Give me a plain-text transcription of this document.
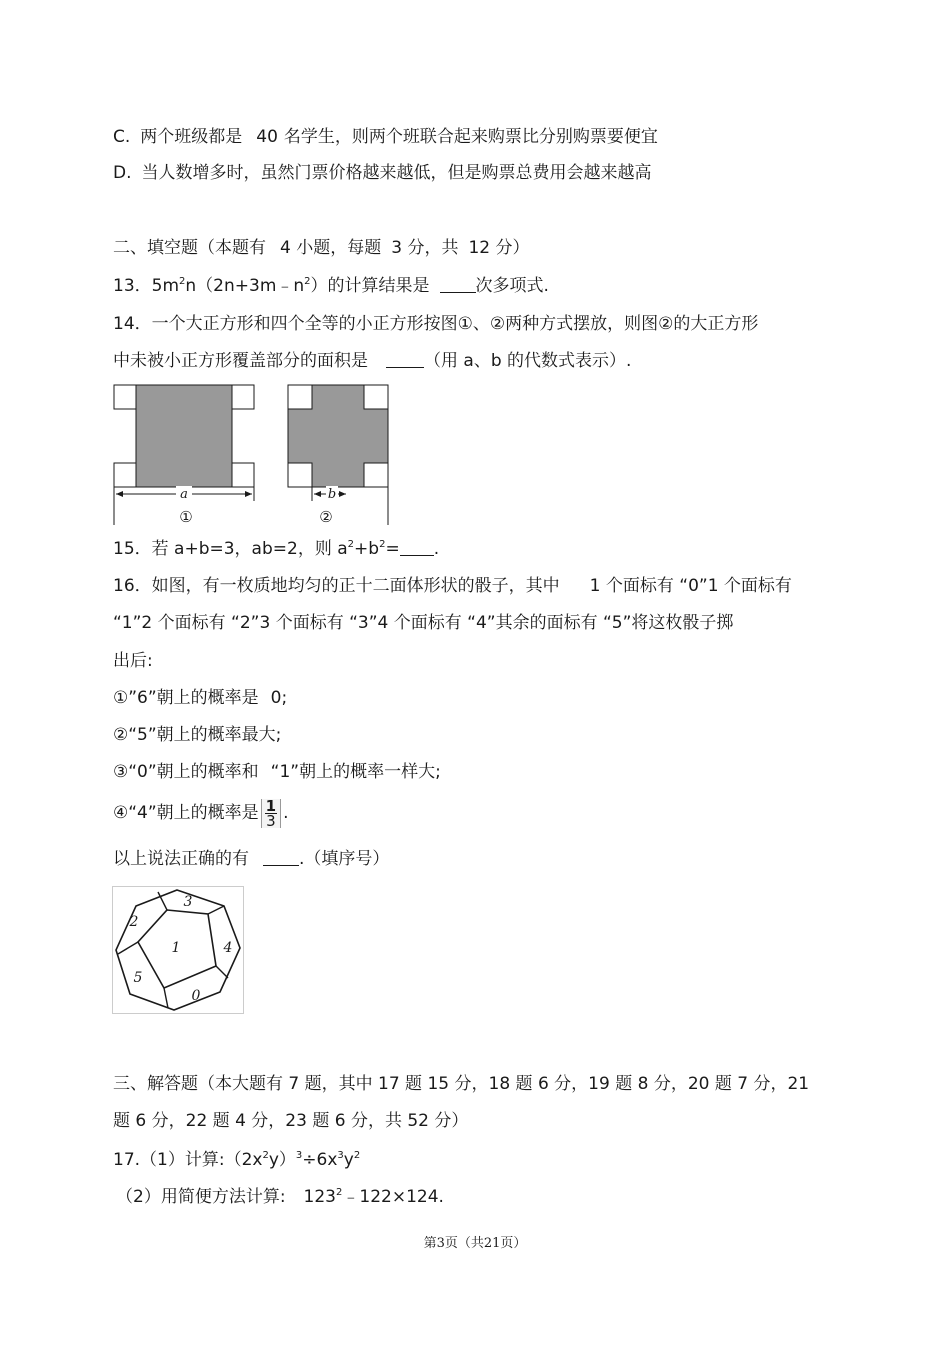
C. 两个班级都是 40 名学生，则两个班联合起来购票比分别购票要便宜
D. 当人数增多时，虽然门票价格越来越低，但是购票总费用会越来越高
二、填空题（本题有 4 小题，每题 3 分，共 12 分）
13．$5m^2n(2n+3m﹣n^2)$的计算结果是	次多项式.
14．一个大正方形和四个全等的小正方形按图①、②两种方式摆放，则图②的大正方形
中未被小正方形覆盖部分的面积是	（用 a、b 的代数式表示）.
a
①
b
②
15．若 a+b=3，ab=2，则 $a^2+b^2=$ .
16．如图，有一枚质地均匀的正十二面体形状的骰子，其中 1 个面标有 “0”1 个面标有
“1”2 个面标有 “2”3 个面标有 “3”4 个面标有 “4”其余的面标有 “5”将这枚骰子掷
出后:
①”6”朝上的概率是 0;
②“5”朝上的概率最大;
③“0”朝上的概率和 “1”朝上的概率一样大;
④“4”朝上的概率是 $\frac{1}{3}$ .
以上说法正确的有	.（填序号）
1
2
3
4
5
0
三、解答题（本大题有 7 题，其中 17 题 15 分，18 题 6 分，19 题 8 分，20 题 7 分，21
题 6 分，22 题 4 分，23 题 6 分，共 52 分）
17.（1）计算$:(2x^2y)^3\div 6x^3y^2$
（2）用简便方法计算: $123^2﹣122\times 124$.
第3页（共21页）
